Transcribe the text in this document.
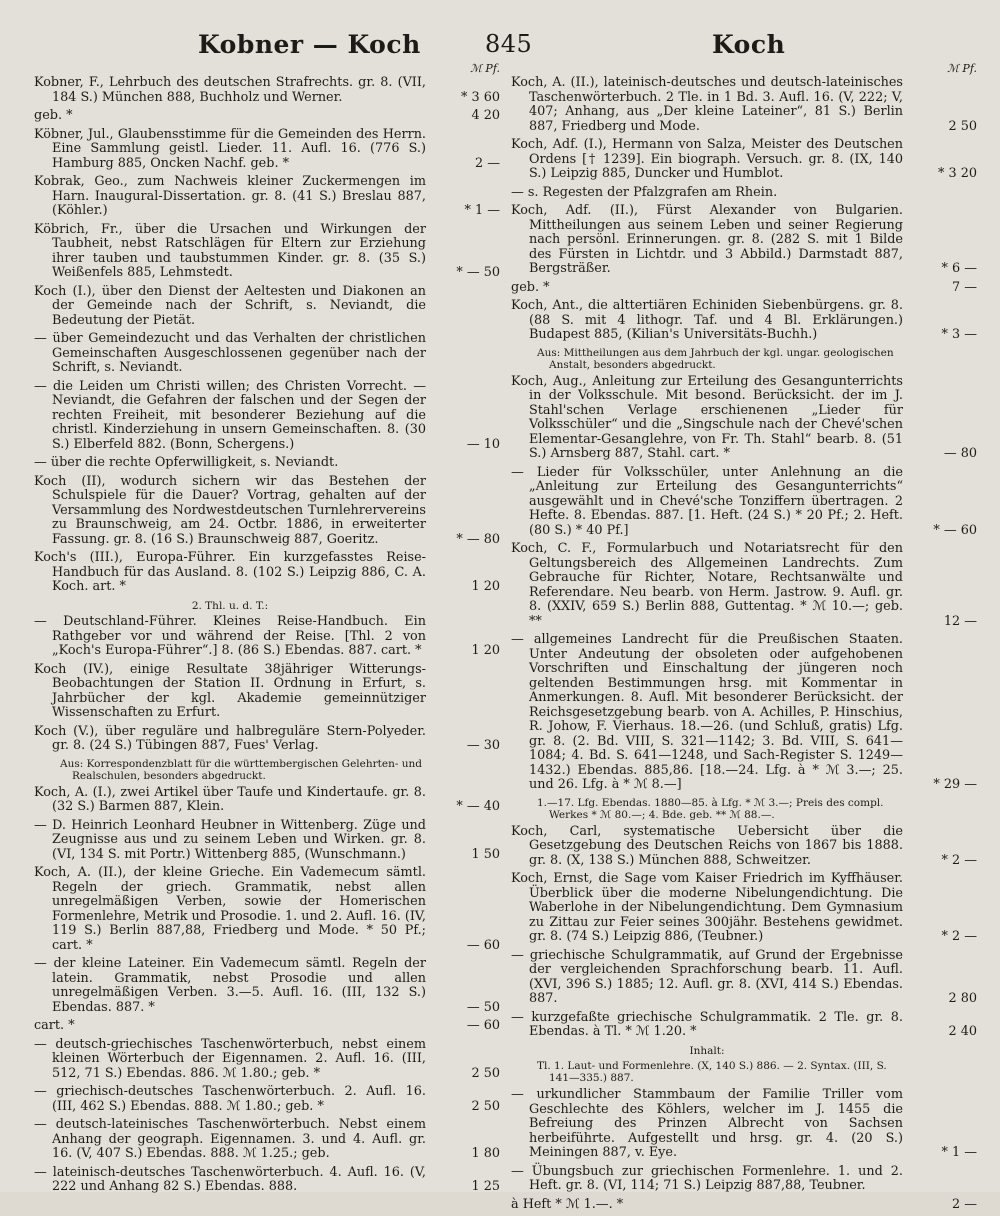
Kobner — Koch	845	Koch
ℳ Pf.
Kobner, F., Lehrbuch des deutschen Strafrechts. gr. 8. (VII, 184 S.) München 888, Buchholz und Werner.	* 3 60
geb. *	4 20
Köbner, Jul., Glaubensstimme für die Gemeinden des Herrn. Eine Sammlung geistl. Lieder. 11. Aufl. 16. (776 S.) Hamburg 885, Oncken Nachf. geb. *	2 —
Kobrak, Geo., zum Nachweis kleiner Zuckermengen im Harn. Inaugural-Dissertation. gr. 8. (41 S.) Breslau 887, (Köhler.)	* 1 —
Köbrich, Fr., über die Ursachen und Wirkungen der Taubheit, nebst Ratschlägen für Eltern zur Erziehung ihrer tauben und taubstummen Kinder. gr. 8. (35 S.) Weißenfels 885, Lehmstedt.	* — 50
Koch (I.), über den Dienst der Aeltesten und Diakonen an der Gemeinde nach der Schrift, s. Neviandt, die Bedeutung der Pietät.
— über Gemeindezucht und das Verhalten der christlichen Gemeinschaften Ausgeschlossenen gegenüber nach der Schrift, s. Neviandt.
— die Leiden um Christi willen; des Christen Vorrecht. — Neviandt, die Gefahren der falschen und der Segen der rechten Freiheit, mit besonderer Beziehung auf die christl. Kinderziehung in unsern Gemeinschaften. 8. (30 S.) Elberfeld 882. (Bonn, Schergens.)	— 10
— über die rechte Opferwilligkeit, s. Neviandt.
Koch (II), wodurch sichern wir das Bestehen der Schulspiele für die Dauer? Vortrag, gehalten auf der Versammlung des Nordwestdeutschen Turnlehrervereins zu Braunschweig, am 24. Octbr. 1886, in erweiterter Fassung. gr. 8. (16 S.) Braunschweig 887, Goeritz.	* — 80
Koch's (III.), Europa-Führer. Ein kurzgefasstes Reise-Handbuch für das Ausland. 8. (102 S.) Leipzig 886, C. A. Koch. art. *	1 20
2. Thl. u. d. T.:
— Deutschland-Führer. Kleines Reise-Handbuch. Ein Rathgeber vor und während der Reise. [Thl. 2 von „Koch's Europa-Führer“.] 8. (86 S.) Ebendas. 887. cart. *	1 20
Koch (IV.), einige Resultate 38jähriger Witterungs-Beobachtungen der Station II. Ordnung in Erfurt, s. Jahrbücher der kgl. Akademie gemeinnütziger Wissenschaften zu Erfurt.
Koch (V.), über reguläre und halbreguläre Stern-Polyeder. gr. 8. (24 S.) Tübingen 887, Fues' Verlag.	— 30
Aus: Korrespondenzblatt für die württembergischen Gelehrten- und Realschulen, besonders abgedruckt.
Koch, A. (I.), zwei Artikel über Taufe und Kindertaufe. gr. 8. (32 S.) Barmen 887, Klein.	* — 40
— D. Heinrich Leonhard Heubner in Wittenberg. Züge und Zeugnisse aus und zu seinem Leben und Wirken. gr. 8. (VI, 134 S. mit Portr.) Wittenberg 885, (Wunschmann.)	1 50
Koch, A. (II.), der kleine Grieche. Ein Vademecum sämtl. Regeln der griech. Grammatik, nebst allen unregelmäßigen Verben, sowie der Homerischen Formenlehre, Metrik und Prosodie. 1. und 2. Aufl. 16. (IV, 119 S.) Berlin 887,88, Friedberg und Mode. * 50 Pf.; cart. *	— 60
— der kleine Lateiner. Ein Vademecum sämtl. Regeln der latein. Grammatik, nebst Prosodie und allen unregelmäßigen Verben. 3.—5. Aufl. 16. (III, 132 S.) Ebendas. 887. *	— 50
cart. *	— 60
— deutsch-griechisches Taschenwörterbuch, nebst einem kleinen Wörterbuch der Eigennamen. 2. Aufl. 16. (III, 512, 71 S.) Ebendas. 886. ℳ 1.80.; geb. *	2 50
— griechisch-deutsches Taschenwörterbuch. 2. Aufl. 16. (III, 462 S.) Ebendas. 888. ℳ 1.80.; geb. *	2 50
— deutsch-lateinisches Taschenwörterbuch. Nebst einem Anhang der geograph. Eigennamen. 3. und 4. Aufl. gr. 16. (V, 407 S.) Ebendas. 888. ℳ 1.25.; geb.	1 80
— lateinisch-deutsches Taschenwörterbuch. 4. Aufl. 16. (V, 222 und Anhang 82 S.) Ebendas. 888.	1 25
ℳ Pf.
Koch, A. (II.), lateinisch-deutsches und deutsch-lateinisches Taschenwörterbuch. 2 Tle. in 1 Bd. 3. Aufl. 16. (V, 222; V, 407; Anhang, aus „Der kleine Lateiner“, 81 S.) Berlin 887, Friedberg und Mode.	2 50
Koch, Adf. (I.), Hermann von Salza, Meister des Deutschen Ordens [† 1239]. Ein biograph. Versuch. gr. 8. (IX, 140 S.) Leipzig 885, Duncker und Humblot.	* 3 20
— s. Regesten der Pfalzgrafen am Rhein.
Koch, Adf. (II.), Fürst Alexander von Bulgarien. Mittheilungen aus seinem Leben und seiner Regierung nach persönl. Erinnerungen. gr. 8. (282 S. mit 1 Bilde des Fürsten in Lichtdr. und 3 Abbild.) Darmstadt 887, Bergsträßer.	* 6 —
geb. *	7 —
Koch, Ant., die alttertiären Echiniden Siebenbürgens. gr. 8. (88 S. mit 4 lithogr. Taf. und 4 Bl. Erklärungen.) Budapest 885, (Kilian's Universitäts-Buchh.)	* 3 —
Aus: Mittheilungen aus dem Jahrbuch der kgl. ungar. geologischen Anstalt, besonders abgedruckt.
Koch, Aug., Anleitung zur Erteilung des Gesangunterrichts in der Volksschule. Mit besond. Berücksicht. der im J. Stahl'schen Verlage erschienenen „Lieder für Volksschüler“ und die „Singschule nach der Chevé'schen Elementar-Gesanglehre, von Fr. Th. Stahl“ bearb. 8. (51 S.) Arnsberg 887, Stahl. cart. *	— 80
— Lieder für Volksschüler, unter Anlehnung an die „Anleitung zur Erteilung des Gesangunterrichts“ ausgewählt und in Chevé'sche Tonziffern übertragen. 2 Hefte. 8. Ebendas. 887. [1. Heft. (24 S.) * 20 Pf.; 2. Heft. (80 S.) * 40 Pf.]	* — 60
Koch, C. F., Formularbuch und Notariatsrecht für den Geltungsbereich des Allgemeinen Landrechts. Zum Gebrauche für Richter, Notare, Rechtsanwälte und Referendare. Neu bearb. von Herm. Jastrow. 9. Aufl. gr. 8. (XXIV, 659 S.) Berlin 888, Guttentag. * ℳ 10.—; geb. **	12 —
— allgemeines Landrecht für die Preußischen Staaten. Unter Andeutung der obsoleten oder aufgehobenen Vorschriften und Einschaltung der jüngeren noch geltenden Bestimmungen hrsg. mit Kommentar in Anmerkungen. 8. Aufl. Mit besonderer Berücksicht. der Reichsgesetzgebung bearb. von A. Achilles, P. Hinschius, R. Johow, F. Vierhaus. 18.—26. (und Schluß, gratis) Lfg. gr. 8. (2. Bd. VIII, S. 321—1142; 3. Bd. VIII, S. 641—1084; 4. Bd. S. 641—1248, und Sach-Register S. 1249—1432.) Ebendas. 885,86. [18.—24. Lfg. à * ℳ 3.—; 25. und 26. Lfg. à * ℳ 8.—]	* 29 —
1.—17. Lfg. Ebendas. 1880—85. à Lfg. * ℳ 3.—; Preis des compl. Werkes * ℳ 80.—; 4. Bde. geb. ** ℳ 88.—.
Koch, Carl, systematische Uebersicht über die Gesetzgebung des Deutschen Reichs von 1867 bis 1888. gr. 8. (X, 138 S.) München 888, Schweitzer.	* 2 —
Koch, Ernst, die Sage vom Kaiser Friedrich im Kyffhäuser. Überblick über die moderne Nibelungendichtung. Die Waberlohe in der Nibelungendichtung. Dem Gymnasium zu Zittau zur Feier seines 300jähr. Bestehens gewidmet. gr. 8. (74 S.) Leipzig 886, (Teubner.)	* 2 —
— griechische Schulgrammatik, auf Grund der Ergebnisse der vergleichenden Sprachforschung bearb. 11. Aufl. (XVI, 396 S.) 1885; 12. Aufl. gr. 8. (XVI, 414 S.) Ebendas. 887.	2 80
— kurzgefaßte griechische Schulgrammatik. 2 Tle. gr. 8. Ebendas. à Tl. * ℳ 1.20. *	2 40
Inhalt:
Tl. 1. Laut- und Formenlehre. (X, 140 S.) 886. — 2. Syntax. (III, S. 141—335.) 887.
— urkundlicher Stammbaum der Familie Triller vom Geschlechte des Köhlers, welcher im J. 1455 die Befreiung des Prinzen Albrecht von Sachsen herbeiführte. Aufgestellt und hrsg. gr. 4. (20 S.) Meiningen 887, v. Eye.	* 1 —
— Übungsbuch zur griechischen Formenlehre. 1. und 2. Heft. gr. 8. (VI, 114; 71 S.) Leipzig 887,88, Teubner.
à Heft * ℳ 1.—. *	2 —
